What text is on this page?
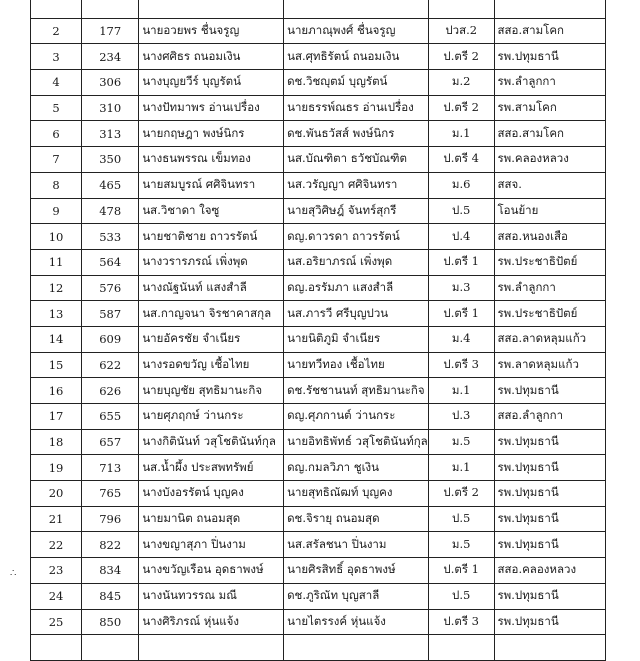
2	177	นายอวยพร ชื่นจรูญ	นายภาณุพงศ์ ชื่นจรูญ	ปวส.2	สสอ.สามโคก
3	234	นางศศิธร ถนอมเงิน	นส.ศุทธิรัตน์ ถนอมเงิน	ป.ตรี 2	รพ.ปทุมธานี
4	306	นางบุญยวีร์ บุญรัตน์	ดช.วิชญุตม์ บุญรัตน์	ม.2	รพ.ลำลูกกา
5	310	นางปัทมาพร อ่านเปรื่อง	นายธรรพ์ณธร อ่านเปรื่อง	ป.ตรี 2	รพ.สามโคก
6	313	นายกฤษฎา พงษ์นิกร	ดช.พันธวัสส์ พงษ์นิกร	ม.1	สสอ.สามโคก
7	350	นางธนพรรณ เข็มทอง	นส.บัณฑิตา ธวัชบัณฑิต	ป.ตรี 4	รพ.คลองหลวง
8	465	นายสมบูรณ์ ศศิจินทรา	นส.วรัญญา ศศิจินทรา	ม.6	สสจ.
9	478	นส.วิชาดา ใจซู	นายสุวิศิษฎ์ จันทร์สุกรี	ป.5	โอนย้าย
10	533	นายชาติชาย ถาวรรัตน์	ดญ.ดาวรดา ถาวรรัตน์	ป.4	สสอ.หนองเสือ
11	564	นางวรารภรณ์ เพิ่งพุด	นส.อริยาภรณ์ เพิ่งพุด	ป.ตรี 1	รพ.ประชาธิปัตย์
12	576	นางณัฐนันท์ แสงสำลี	ดญ.อรรัมภา แสงสำลี	ม.3	รพ.ลำลูกกา
13	587	นส.กาญจนา จิรชาคาสกุล	นส.ภารวี ศรีบุญปวน	ป.ตรี 1	รพ.ประชาธิปัตย์
14	609	นายอัครชัย จำเนียร	นายนิติภูมิ จำเนียร	ม.4	สสอ.ลาดหลุมแก้ว
15	622	นางรอดขวัญ เชื้อไทย	นายทวีทอง เชื้อไทย	ป.ตรี 3	รพ.ลาดหลุมแก้ว
16	626	นายบุญชัย สุทธิมานะกิจ	ดช.รัชชานนท์ สุทธิมานะกิจ	ม.1	รพ.ปทุมธานี
17	655	นายศุภฤกษ์ ว่านกระ	ดญ.ศุภกานต์ ว่านกระ	ป.3	สสอ.ลำลูกกา
18	657	นางกิตินันท์ วสุโชตินันท์กุล	นายอิทธิพัทธ์ วสุโชตินันท์กุล	ม.5	รพ.ปทุมธานี
19	713	นส.น้ำผึ้ง ประสพทรัพย์	ดญ.กมลวิภา ชูเงิน	ม.1	รพ.ปทุมธานี
20	765	นางบังอรรัตน์ บุญคง	นายสุทธิณัฒท์ บุญคง	ป.ตรี 2	รพ.ปทุมธานี
21	796	นายมานิต ถนอมสุด	ดช.จิรายุ ถนอมสุด	ป.5	รพ.ปทุมธานี
22	822	นางขญาสุภา ปิ่นงาม	นส.สรัลชนา ปิ่นงาม	ม.5	รพ.ปทุมธานี
23	834	นางขวัญเรือน อุดธาพงษ์	นายศิรสิทธิ์ อุดธาพงษ์	ป.ตรี 1	สสอ.คลองหลวง
24	845	นางนันทวรรณ มณี	ดช.ภูริณัท บุญสาลี	ป.5	รพ.ปทุมธานี
25	850	นางศิริภรณ์ หุ่นแจ้ง	นายไตรรงค์ หุ่นแจ้ง	ป.ตรี 3	รพ.ปทุมธานี

∴
